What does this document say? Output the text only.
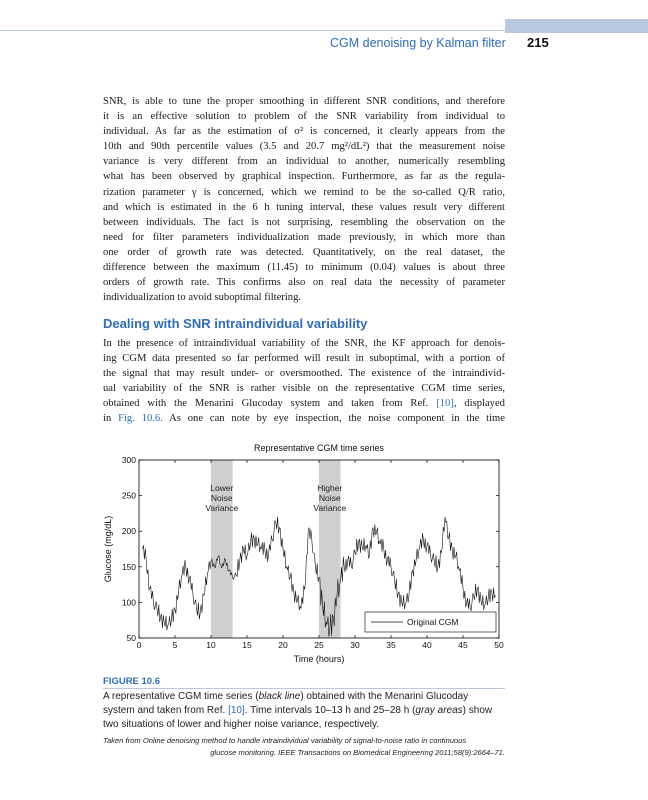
CGM denoising by Kalman filter 215
SNR, is able to tune the proper smoothing in different SNR conditions, and therefore
it is an effective solution to problem of the SNR variability from individual to
individual. As far as the estimation of σ² is concerned, it clearly appears from the
10th and 90th percentile values (3.5 and 20.7 mg²/dL²) that the measurement noise
variance is very different from an individual to another, numerically resembling
what has been observed by graphical inspection. Furthermore, as far as the regula-
rization parameter γ is concerned, which we remind to be the so-called Q/R ratio,
and which is estimated in the 6 h tuning interval, these values result very different
between individuals. The fact is not surprising, resembling the observation on the
need for filter parameters individualization made previously, in which more than
one order of growth rate was detected. Quantitatively, on the real dataset, the
difference between the maximum (11.45) to minimum (0.04) values is about three
orders of growth rate. This confirms also on real data the necessity of parameter
individualization to avoid suboptimal filtering.
Dealing with SNR intraindividual variability
In the presence of intraindividual variability of the SNR, the KF approach for denois-
ing CGM data presented so far performed will result in suboptimal, with a portion of
the signal that may result under- or oversmoothed. The existence of the intraindivid-
ual variability of the SNR is rather visible on the representative CGM time series,
obtained with the Menarini Glucoday system and taken from Ref. [10], displayed
in Fig. 10.6. As one can note by eye inspection, the noise component in the time
Lower
Noise
Variance
Higher
Noise
Variance
0	5	10	15	20	25	30	35	40	45	50
50
100
150
200
250
300
Representative CGM time series
Time (hours)
Glucose (mg/dL)
Original CGM
FIGURE 10.6
A representative CGM time series (black line) obtained with the Menarini Glucoday
system and taken from Ref. [10]. Time intervals 10–13 h and 25–28 h (gray areas) show
two situations of lower and higher noise variance, respectively.
Taken from Online denoising method to handle intraindividual variability of signal-to-noise ratio in continuous
glucose monitoring. IEEE Transactions on Biomedical Engineering 2011;58(9):2664–71.
